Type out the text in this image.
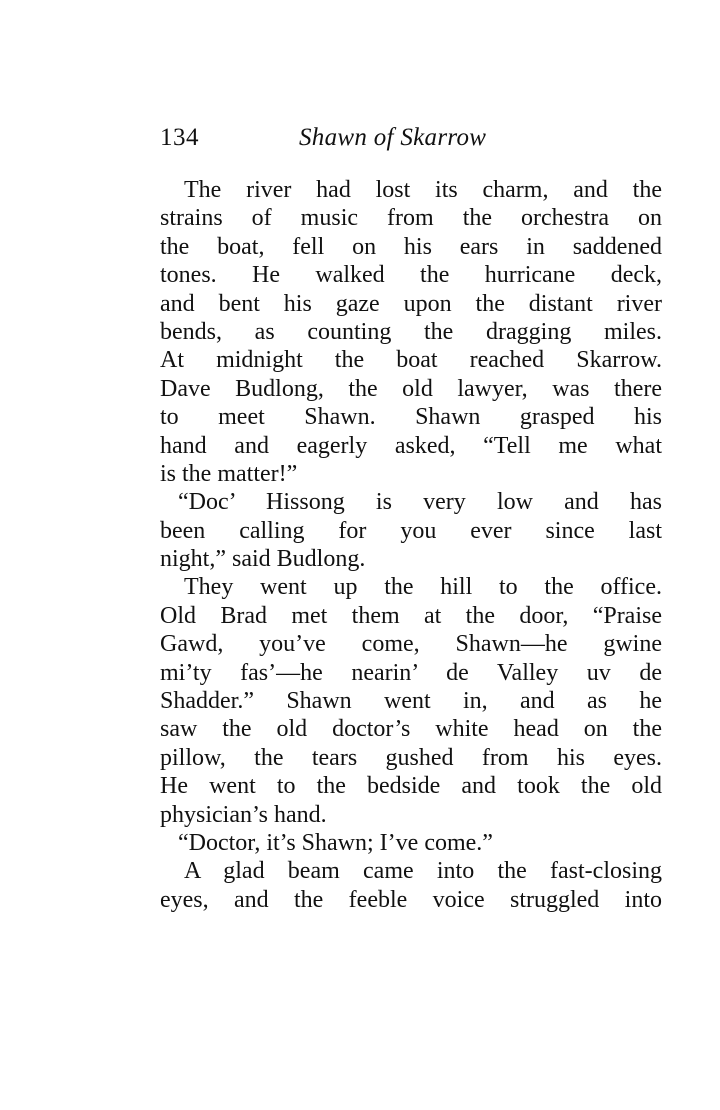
134	Shawn of Skarrow
The river had lost its charm, and the
strains of music from the orchestra on
the boat, fell on his ears in saddened
tones. He walked the hurricane deck,
and bent his gaze upon the distant river
bends, as counting the dragging miles.
At midnight the boat reached Skarrow.
Dave Budlong, the old lawyer, was there
to meet Shawn. Shawn grasped his
hand and eagerly asked, “Tell me what
is the matter!”
“Doc’ Hissong is very low and has
been calling for you ever since last
night,” said Budlong.
They went up the hill to the office.
Old Brad met them at the door, “Praise
Gawd, you’ve come, Shawn—he gwine
mi’ty fas’—he nearin’ de Valley uv de
Shadder.” Shawn went in, and as he
saw the old doctor’s white head on the
pillow, the tears gushed from his eyes.
He went to the bedside and took the old
physician’s hand.
“Doctor, it’s Shawn; I’ve come.”
A glad beam came into the fast-closing
eyes, and the feeble voice struggled into
